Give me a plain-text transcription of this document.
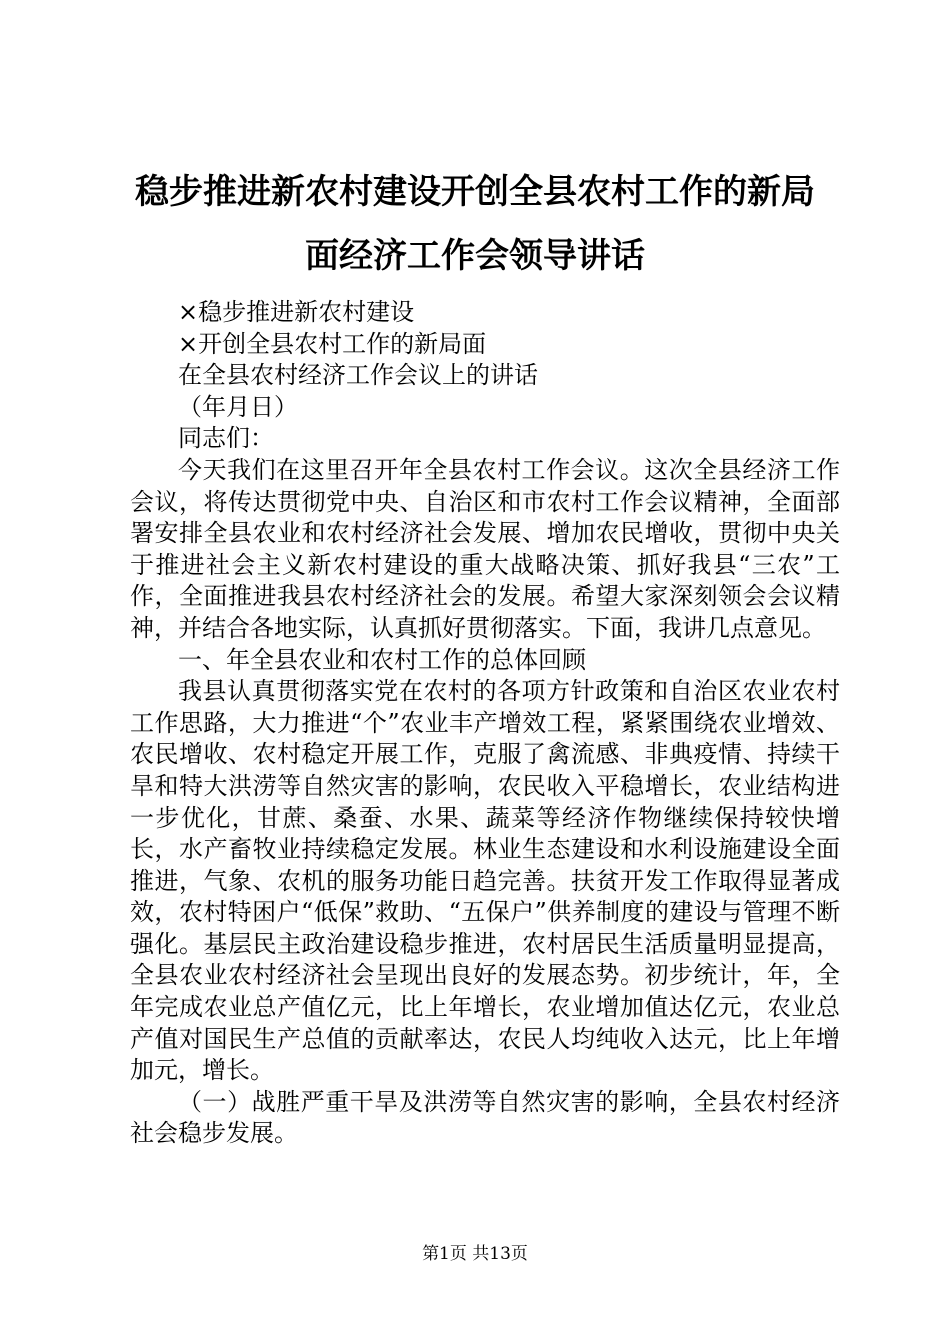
稳步推进新农村建设开创全县农村工作的新局
面经济工作会领导讲话

×稳步推进新农村建设

×开创全县农村工作的新局面

在全县农村经济工作会议上的讲话

（年月日）

同志们：

今天我们在这里召开年全县农村工作会议。这次全县经济工作会议，将传达贯彻党中央、自治区和市农村工作会议精神，全面部署安排全县农业和农村经济社会发展、增加农民增收，贯彻中央关于推进社会主义新农村建设的重大战略决策、抓好我县“三农”工作，全面推进我县农村经济社会的发展。希望大家深刻领会会议精神，并结合各地实际，认真抓好贯彻落实。下面，我讲几点意见。

一、年全县农业和农村工作的总体回顾

我县认真贯彻落实党在农村的各项方针政策和自治区农业农村工作思路，大力推进“个”农业丰产增效工程，紧紧围绕农业增效、农民增收、农村稳定开展工作，克服了禽流感、非典疫情、持续干旱和特大洪涝等自然灾害的影响，农民收入平稳增长，农业结构进一步优化，甘蔗、桑蚕、水果、蔬菜等经济作物继续保持较快增长，水产畜牧业持续稳定发展。林业生态建设和水利设施建设全面推进，气象、农机的服务功能日趋完善。扶贫开发工作取得显著成效，农村特困户“低保”救助、“五保户”供养制度的建设与管理不断强化。基层民主政治建设稳步推进，农村居民生活质量明显提高，全县农业农村经济社会呈现出良好的发展态势。初步统计，年，全年完成农业总产值亿元，比上年增长，农业增加值达亿元，农业总产值对国民生产总值的贡献率达，农民人均纯收入达元，比上年增加元，增长。

（一）战胜严重干旱及洪涝等自然灾害的影响，全县农村经济社会稳步发展。

第1页 共13页
